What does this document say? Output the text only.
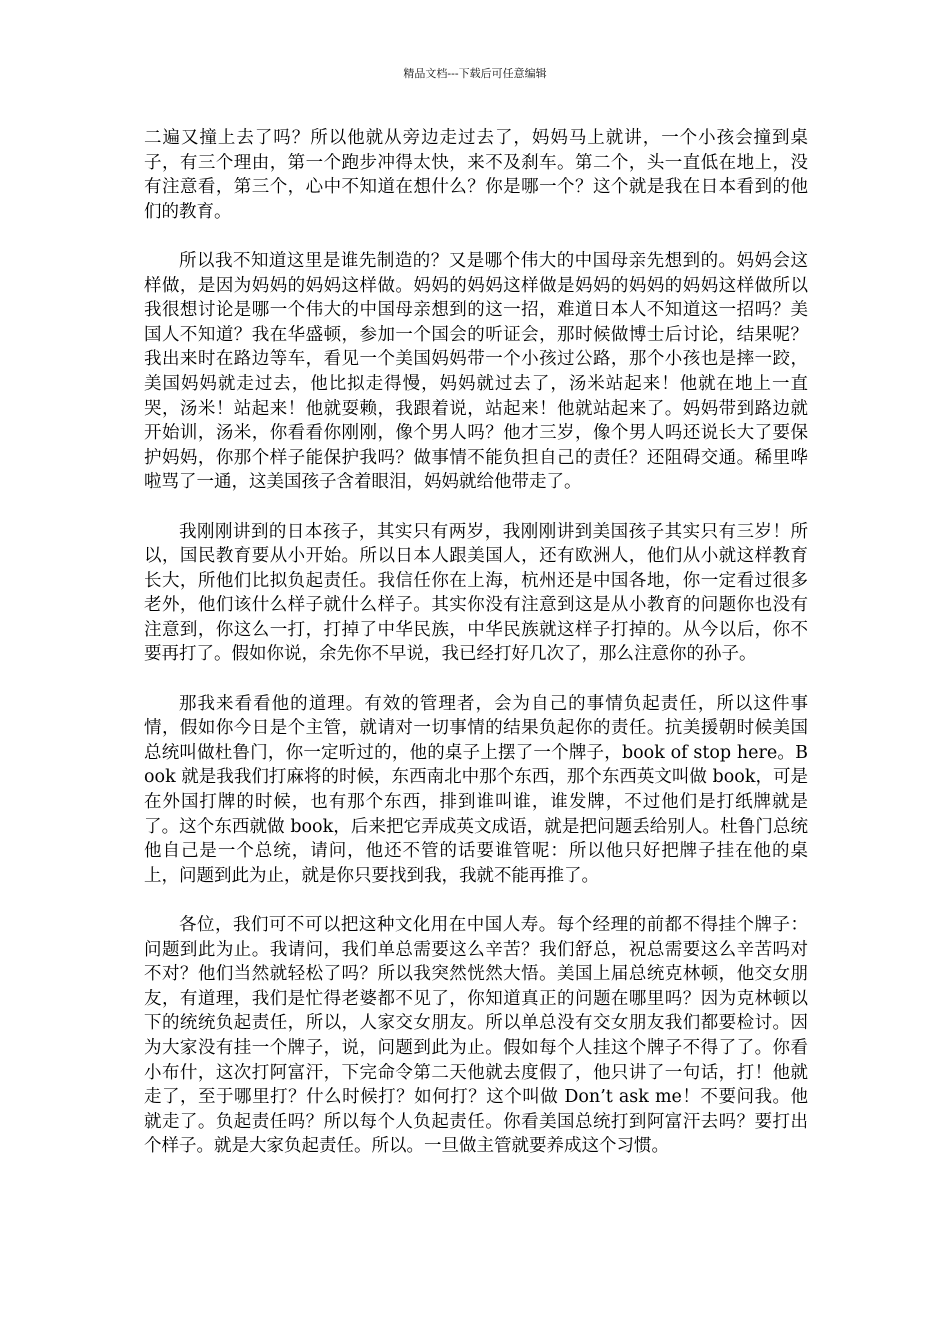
精品文档---下载后可任意编辑

二遍又撞上去了吗？所以他就从旁边走过去了，妈妈马上就讲，一个小孩会撞到桌子，有三个理由，第一个跑步冲得太快，来不及刹车。第二个，头一直低在地上，没有注意看，第三个，心中不知道在想什么？你是哪一个？这个就是我在日本看到的他们的教育。

所以我不知道这里是谁先制造的？又是哪个伟大的中国母亲先想到的。妈妈会这样做，是因为妈妈的妈妈这样做。妈妈的妈妈这样做是妈妈的妈妈的妈妈这样做所以我很想讨论是哪一个伟大的中国母亲想到的这一招，难道日本人不知道这一招吗？美国人不知道？我在华盛顿，参加一个国会的听证会，那时候做博士后讨论，结果呢？我出来时在路边等车，看见一个美国妈妈带一个小孩过公路，那个小孩也是摔一跤，美国妈妈就走过去，他比拟走得慢，妈妈就过去了，汤米站起来！他就在地上一直哭，汤米！站起来！他就耍赖，我跟着说，站起来！他就站起来了。妈妈带到路边就开始训，汤米，你看看你刚刚，像个男人吗？他才三岁，像个男人吗还说长大了要保护妈妈，你那个样子能保护我吗？做事情不能负担自己的责任？还阻碍交通。稀里哗啦骂了一通，这美国孩子含着眼泪，妈妈就给他带走了。

我刚刚讲到的日本孩子，其实只有两岁，我刚刚讲到美国孩子其实只有三岁！所以，国民教育要从小开始。所以日本人跟美国人，还有欧洲人，他们从小就这样教育长大，所他们比拟负起责任。我信任你在上海，杭州还是中国各地，你一定看过很多老外，他们该什么样子就什么样子。其实你没有注意到这是从小教育的问题你也没有注意到，你这么一打，打掉了中华民族，中华民族就这样子打掉的。从今以后，你不要再打了。假如你说，余先你不早说，我已经打好几次了，那么注意你的孙子。

那我来看看他的道理。有效的管理者，会为自己的事情负起责任，所以这件事情，假如你今日是个主管，就请对一切事情的结果负起你的责任。抗美援朝时候美国总统叫做杜鲁门，你一定听过的，他的桌子上摆了一个牌子，book of stop here。Book 就是我我们打麻将的时候，东西南北中那个东西，那个东西英文叫做 book，可是在外国打牌的时候，也有那个东西，排到谁叫谁，谁发牌，不过他们是打纸牌就是了。这个东西就做 book，后来把它弄成英文成语，就是把问题丢给别人。杜鲁门总统他自己是一个总统，请问，他还不管的话要谁管呢：所以他只好把牌子挂在他的桌上，问题到此为止，就是你只要找到我，我就不能再推了。

各位，我们可不可以把这种文化用在中国人寿。每个经理的前都不得挂个牌子：问题到此为止。我请问，我们单总需要这么辛苦？我们舒总，祝总需要这么辛苦吗对不对？他们当然就轻松了吗？所以我突然恍然大悟。美国上届总统克林顿，他交女朋友，有道理，我们是忙得老婆都不见了，你知道真正的问题在哪里吗？因为克林顿以下的统统负起责任，所以，人家交女朋友。所以单总没有交女朋友我们都要检讨。因为大家没有挂一个牌子，说，问题到此为止。假如每个人挂这个牌子不得了了。你看小布什，这次打阿富汗，下完命令第二天他就去度假了，他只讲了一句话，打！他就走了，至于哪里打？什么时候打？如何打？这个叫做 Don’t ask me！不要问我。他就走了。负起责任吗？所以每个人负起责任。你看美国总统打到阿富汗去吗？要打出个样子。就是大家负起责任。所以。一旦做主管就要养成这个习惯。
